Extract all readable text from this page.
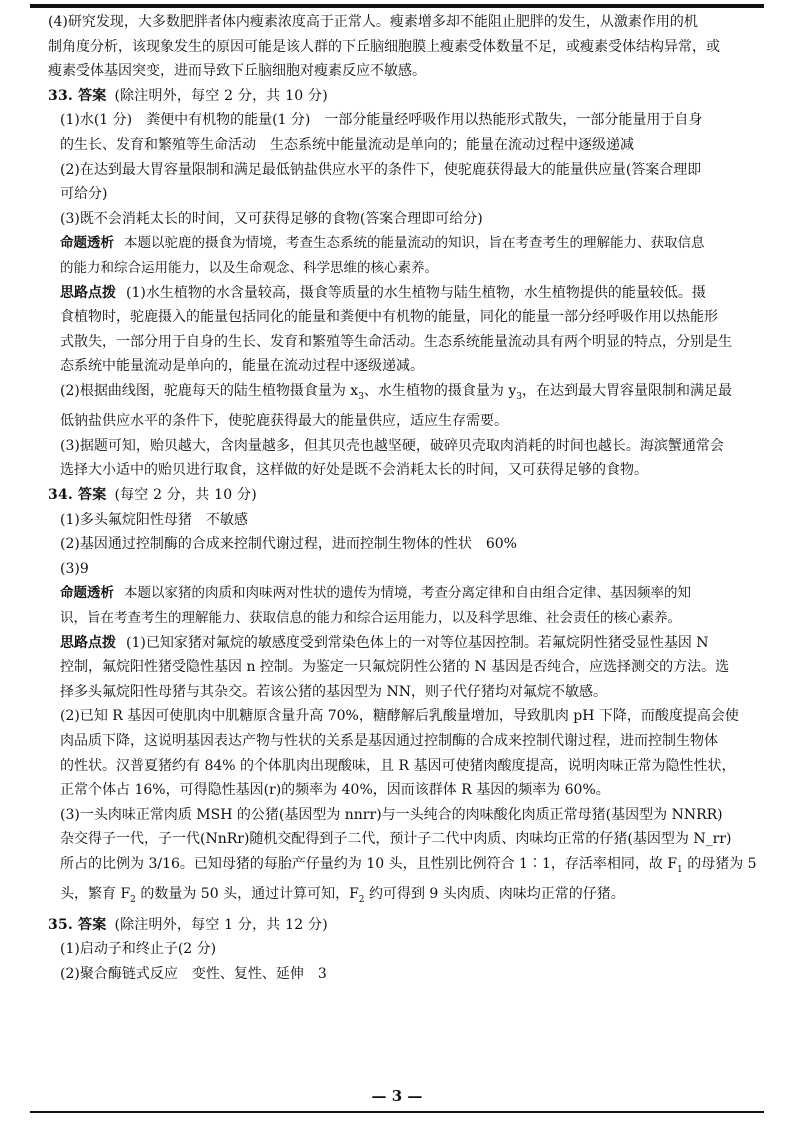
(4)研究发现，大多数肥胖者体内瘦素浓度高于正常人。瘦素增多却不能阻止肥胖的发生，从激素作用的机

制角度分析，该现象发生的原因可能是该人群的下丘脑细胞膜上瘦素受体数量不足，或瘦素受体结构异常，或

瘦素受体基因突变，进而导致下丘脑细胞对瘦素反应不敏感。

33. 答案 (除注明外，每空 2 分，共 10 分)

(1)水(1 分)　粪便中有机物的能量(1 分)　一部分能量经呼吸作用以热能形式散失，一部分能量用于自身

的生长、发育和繁殖等生命活动　生态系统中能量流动是单向的；能量在流动过程中逐级递减

(2)在达到最大胃容量限制和满足最低钠盐供应水平的条件下，使驼鹿获得最大的能量供应量(答案合理即

可给分)

(3)既不会消耗太长的时间，又可获得足够的食物(答案合理即可给分)

命题透析 本题以驼鹿的摄食为情境，考查生态系统的能量流动的知识，旨在考查考生的理解能力、获取信息

的能力和综合运用能力，以及生命观念、科学思维的核心素养。

思路点拨 (1)水生植物的水含量较高，摄食等质量的水生植物与陆生植物，水生植物提供的能量较低。摄

食植物时，驼鹿摄入的能量包括同化的能量和粪便中有机物的能量，同化的能量一部分经呼吸作用以热能形

式散失，一部分用于自身的生长、发育和繁殖等生命活动。生态系统能量流动具有两个明显的特点，分别是生

态系统中能量流动是单向的，能量在流动过程中逐级递减。

(2)根据曲线图，驼鹿每天的陆生植物摄食量为 $x_3$、水生植物的摄食量为 $y_3$，在达到最大胃容量限制和满足最

低钠盐供应水平的条件下，使驼鹿获得最大的能量供应，适应生存需要。

(3)据题可知，贻贝越大，含肉量越多，但其贝壳也越坚硬，破碎贝壳取肉消耗的时间也越长。海滨蟹通常会

选择大小适中的贻贝进行取食，这样做的好处是既不会消耗太长的时间，又可获得足够的食物。

34. 答案 (每空 2 分，共 10 分)

(1)多头氟烷阳性母猪　不敏感

(2)基因通过控制酶的合成来控制代谢过程，进而控制生物体的性状　60%

(3)9

命题透析 本题以家猪的肉质和肉味两对性状的遗传为情境，考查分离定律和自由组合定律、基因频率的知

识，旨在考查考生的理解能力、获取信息的能力和综合运用能力，以及科学思维、社会责任的核心素养。

思路点拨 (1)已知家猪对氟烷的敏感度受到常染色体上的一对等位基因控制。若氟烷阴性猪受显性基因 N

控制，氟烷阳性猪受隐性基因 n 控制。为鉴定一只氟烷阴性公猪的 N 基因是否纯合，应选择测交的方法。选

择多头氟烷阳性母猪与其杂交。若该公猪的基因型为 NN，则子代仔猪均对氟烷不敏感。

(2)已知 R 基因可使肌肉中肌糖原含量升高 70%，糖酵解后乳酸量增加，导致肌肉 pH 下降，而酸度提高会使

肉品质下降，这说明基因表达产物与性状的关系是基因通过控制酶的合成来控制代谢过程，进而控制生物体

的性状。汉普夏猪约有 84% 的个体肌肉出现酸味，且 R 基因可使猪肉酸度提高，说明肉味正常为隐性性状，

正常个体占 16%，可得隐性基因(r)的频率为 40%，因而该群体 R 基因的频率为 60%。

(3)一头肉味正常肉质 MSH 的公猪(基因型为 nnrr)与一头纯合的肉味酸化肉质正常母猪(基因型为 NNRR)

杂交得子一代，子一代(NnRr)随机交配得到子二代，预计子二代中肉质、肉味均正常的仔猪(基因型为 N_rr)

所占的比例为 3/16。已知母猪的每胎产仔量约为 10 头，且性别比例符合 1∶1，存活率相同，故 $F_1$ 的母猪为 5

头，繁育 $F_2$ 的数量为 50 头，通过计算可知，$F_2$ 约可得到 9 头肉质、肉味均正常的仔猪。

35. 答案 (除注明外，每空 1 分，共 12 分)

(1)启动子和终止子(2 分)

(2)聚合酶链式反应　变性、复性、延伸　3

— 3 —
